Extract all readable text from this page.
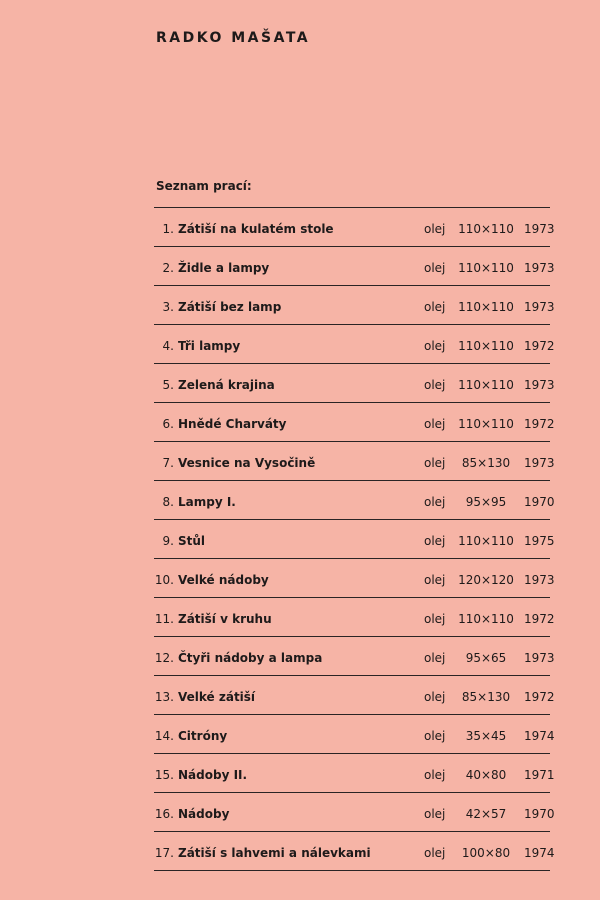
RADKO MAŠATA
Seznam prací:
1. Zátiší na kulatém stole	olej	110×110 1973
2. Židle a lampy	olej	110×110 1973
3. Zátiší bez lamp	olej	110×110 1973
4. Tři lampy	olej	110×110 1972
5. Zelená krajina	olej	110×110 1973
6. Hnědé Charváty	olej	110×110 1972
7. Vesnice na Vysočině	olej	85×130	1973
8. Lampy I.	olej	95×95	1970
9. Stůl	olej	110×110 1975
10. Velké nádoby	olej	120×120 1973
11. Zátiší v kruhu	olej	110×110 1972
12. Čtyři nádoby a lampa	olej	95×65	1973
13. Velké zátiší	olej	85×130	1972
14. Citróny	olej	35×45	1974
15. Nádoby II.	olej	40×80	1971
16. Nádoby	olej	42×57	1970
17. Zátiší s lahvemi a nálevkami	olej	100×80	1974
